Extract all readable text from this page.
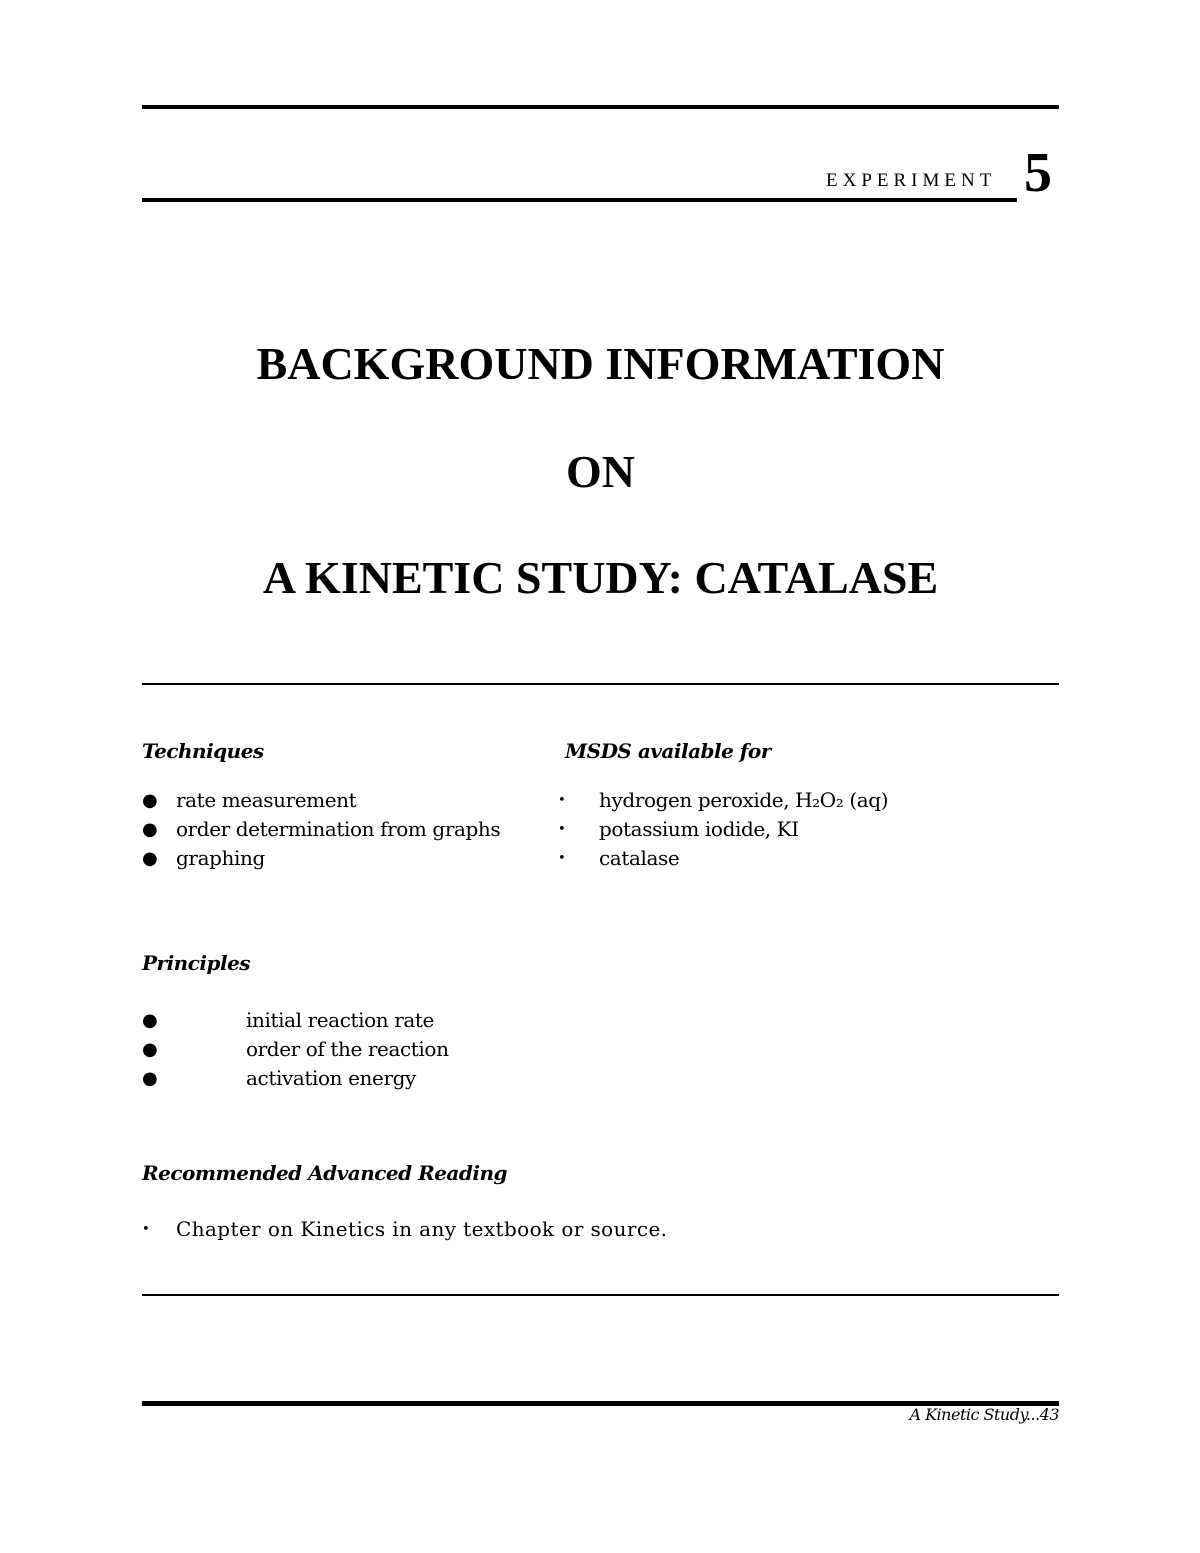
EXPERIMENT 5
BACKGROUND INFORMATION
ON
A KINETIC STUDY: CATALASE
Techniques
● rate measurement
● order determination from graphs
● graphing
MSDS available for
• hydrogen peroxide, H₂O₂ (aq)
• potassium iodide, KI
• catalase
Principles
●	initial reaction rate
●	order of the reaction
●	activation energy
Recommended Advanced Reading
• Chapter on Kinetics in any textbook or source.
A Kinetic Study...43
